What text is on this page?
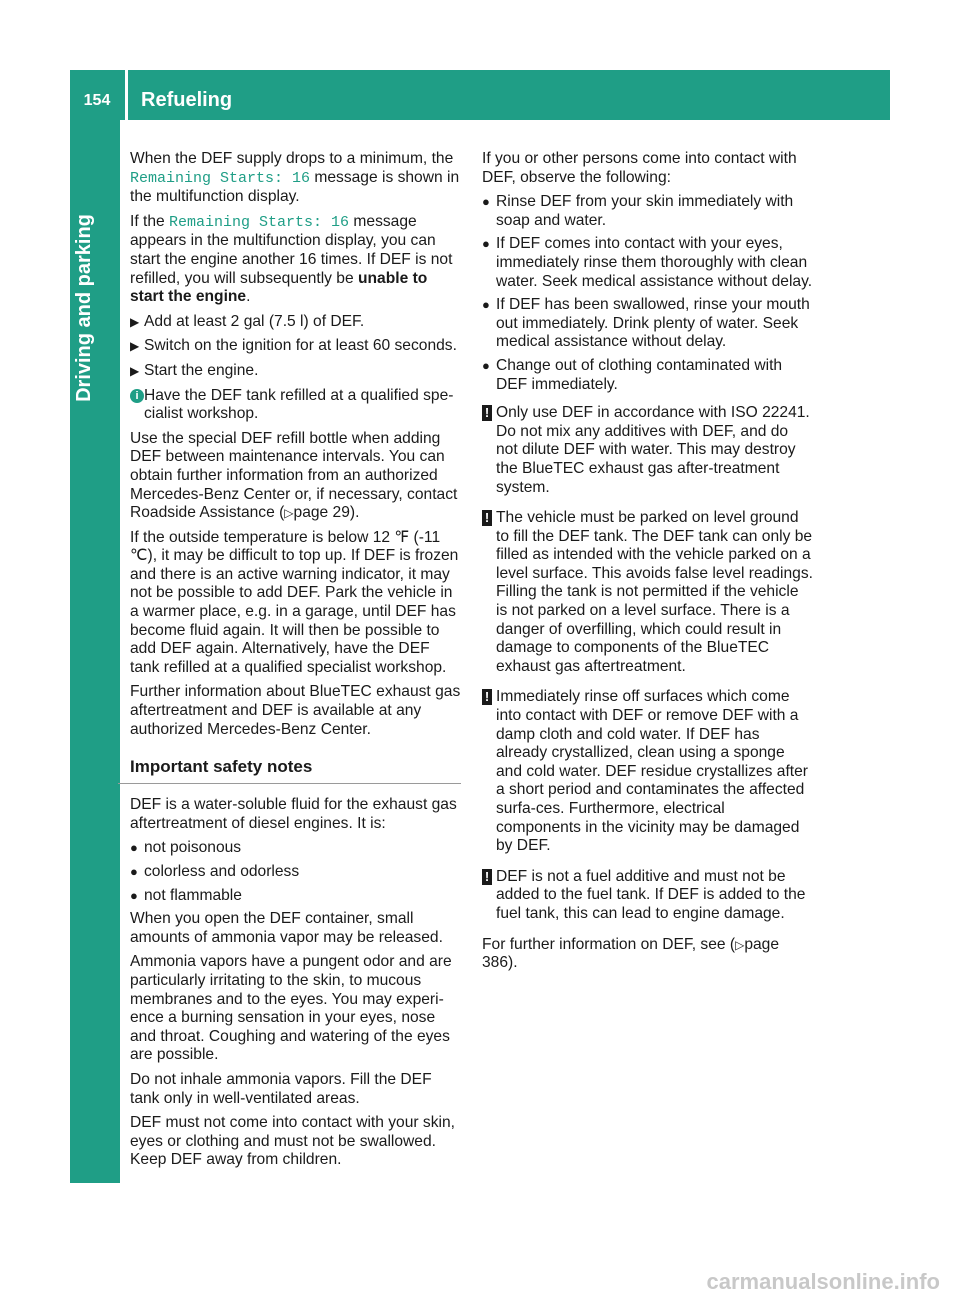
154	Refueling
Driving and parking

When the DEF supply drops to a minimum, the Remaining Starts: 16 message is shown in the multifunction display.

If the Remaining Starts: 16 message appears in the multifunction display, you can start the engine another 16 times. If DEF is not refilled, you will subsequently be unable to start the engine.

▶ Add at least 2 gal (7.5 l) of DEF.
▶ Switch on the ignition for at least 60 seconds.
▶ Start the engine.
i Have the DEF tank refilled at a qualified spe-cialist workshop.

Use the special DEF refill bottle when adding DEF between maintenance intervals. You can obtain further information from an authorized Mercedes-Benz Center or, if necessary, contact Roadside Assistance (▷page 29).

If the outside temperature is below 12 ℉ (‑11 ℃), it may be difficult to top up. If DEF is frozen and there is an active warning indicator, it may not be possible to add DEF. Park the vehicle in a warmer place, e.g. in a garage, until DEF has become fluid again. It will then be possible to add DEF again. Alternatively, have the DEF tank refilled at a qualified specialist workshop.

Further information about BlueTEC exhaust gas aftertreatment and DEF is available at any authorized Mercedes-Benz Center.

Important safety notes

DEF is a water-soluble fluid for the exhaust gas aftertreatment of diesel engines. It is:

● not poisonous
● colorless and odorless
● not flammable

When you open the DEF container, small amounts of ammonia vapor may be released.

Ammonia vapors have a pungent odor and are particularly irritating to the skin, to mucous membranes and to the eyes. You may experi-ence a burning sensation in your eyes, nose and throat. Coughing and watering of the eyes are possible.

Do not inhale ammonia vapors. Fill the DEF tank only in well-ventilated areas.

DEF must not come into contact with your skin, eyes or clothing and must not be swallowed. Keep DEF away from children.

If you or other persons come into contact with DEF, observe the following:

● Rinse DEF from your skin immediately with soap and water.
● If DEF comes into contact with your eyes, immediately rinse them thoroughly with clean water. Seek medical assistance without delay.
● If DEF has been swallowed, rinse your mouth out immediately. Drink plenty of water. Seek medical assistance without delay.
● Change out of clothing contaminated with DEF immediately.
! Only use DEF in accordance with ISO 22241. Do not mix any additives with DEF, and do not dilute DEF with water. This may destroy the BlueTEC exhaust gas after-treatment system.
! The vehicle must be parked on level ground to fill the DEF tank. The DEF tank can only be filled as intended with the vehicle parked on a level surface. This avoids false level readings. Filling the tank is not permitted if the vehicle is not parked on a level surface. There is a danger of overfilling, which could result in damage to components of the BlueTEC exhaust gas aftertreatment.
! Immediately rinse off surfaces which come into contact with DEF or remove DEF with a damp cloth and cold water. If DEF has already crystallized, clean using a sponge and cold water. DEF residue crystallizes after a short period and contaminates the affected surfa-ces. Furthermore, electrical components in the vicinity may be damaged by DEF.
! DEF is not a fuel additive and must not be added to the fuel tank. If DEF is added to the fuel tank, this can lead to engine damage.

For further information on DEF, see (▷page 386).

carmanualsonline.info
